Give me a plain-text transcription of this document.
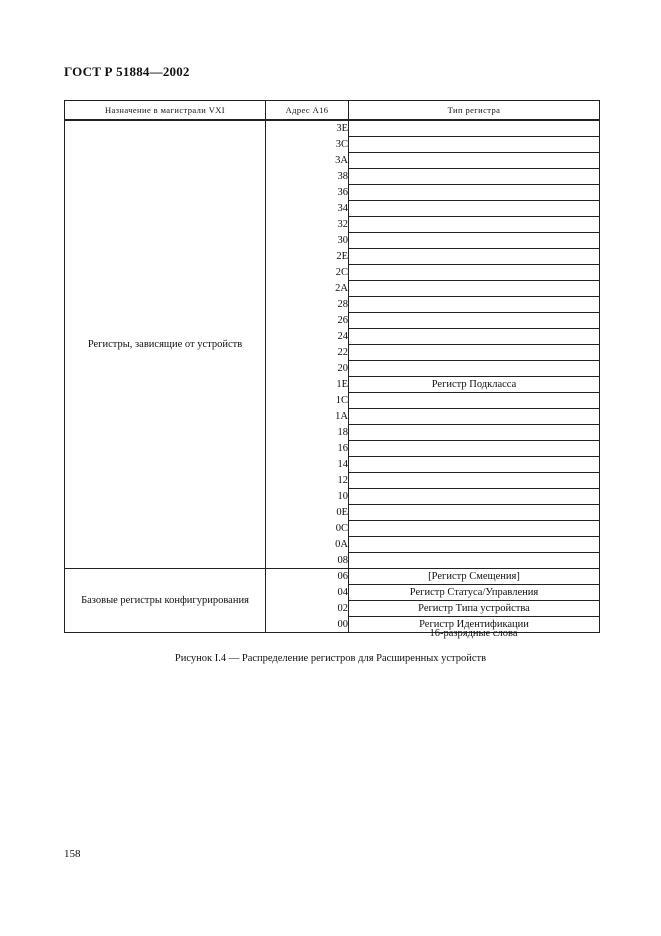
ГОСТ Р 51884—2002
Назначение в магистрали VXI	Адрес А16	Тип регистра
Регистры, зависящие от устройств	3E	
	3C	
	3A	
	38	
	36	
	34	
	32	
	30	
	2E	
	2C	
	2A	
	28	
	26	
	24	
	22	
	20	
	1E	Регистр Подкласса
	1C	
	1A	
	18	
	16	
	14	
	12	
	10	
	0E	
	0C	
	0A	
	08	
Базовые регистры конфигурирования	06	[Регистр Смещения]
	04	Регистр Статуса/Управления
	02	Регистр Типа устройства
	00	Регистр Идентификации
16-разрядные слова
Рисунок I.4 — Распределение регистров для Расширенных устройств
158
